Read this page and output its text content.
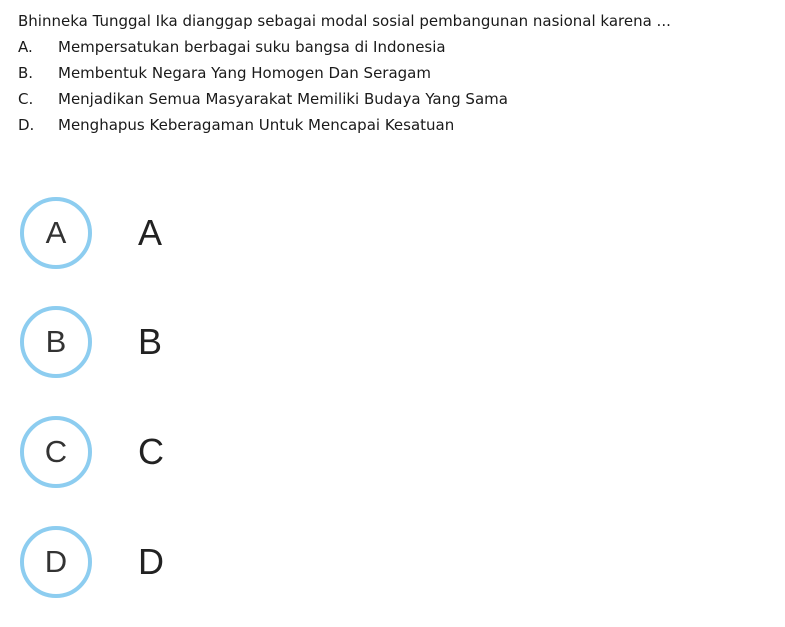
Bhinneka Tunggal Ika dianggap sebagai modal sosial pembangunan nasional karena ...
A.	Mempersatukan berbagai suku bangsa di Indonesia
B.	Membentuk Negara Yang Homogen Dan Seragam
C.	Menjadikan Semua Masyarakat Memiliki Budaya Yang Sama
D.	Menghapus Keberagaman Untuk Mencapai Kesatuan
A	A
B	B
C	C
D	D
